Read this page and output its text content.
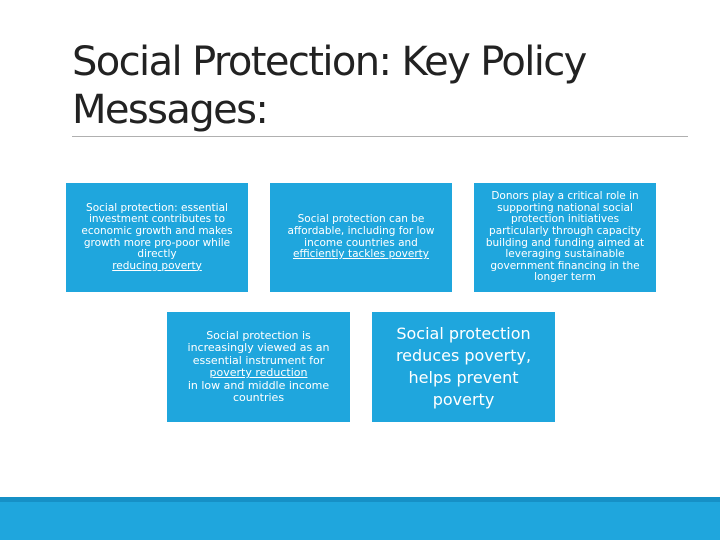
Social Protection: Key Policy
Messages:
Social protection: essential investment contributes to economic growth and makes growth more pro-poor while directly
reducing poverty
Social protection can be affordable, including for low income countries and
efficiently tackles poverty
Donors play a critical role in supporting national social protection initiatives particularly through capacity building and funding aimed at leveraging sustainable government financing in the longer term
Social protection is increasingly viewed as an essential instrument for
poverty reduction
in low and middle income countries
Social protection reduces poverty, helps prevent poverty
